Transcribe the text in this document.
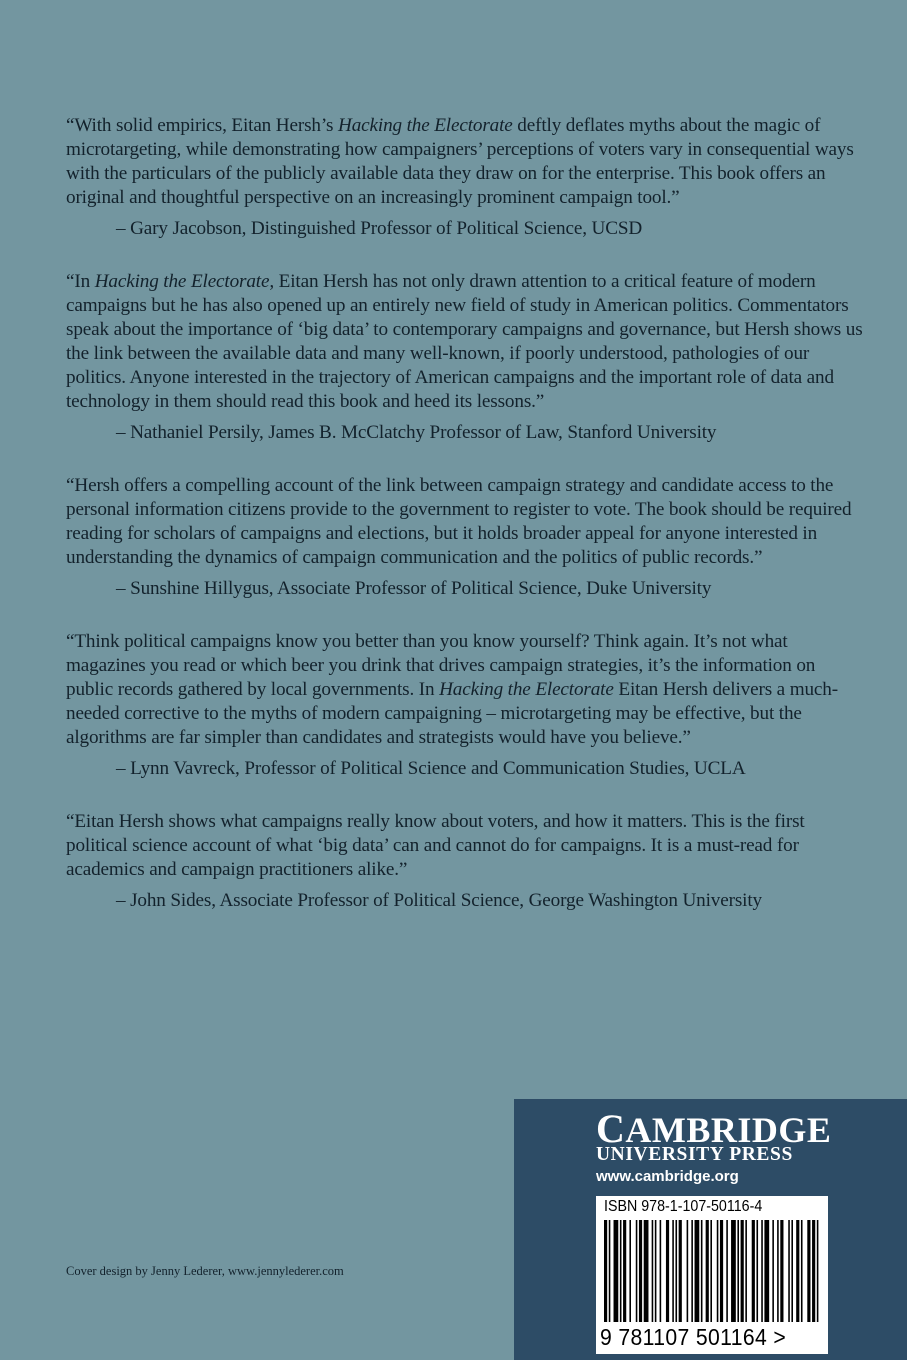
“With solid empirics, Eitan Hersh’s Hacking the Electorate deftly deflates myths about the magic of microtargeting, while demonstrating how campaigners’ perceptions of voters vary in consequential ways with the particulars of the publicly available data they draw on for the enterprise. This book offers an original and thoughtful perspective on an increasingly prominent campaign tool.”

– Gary Jacobson, Distinguished Professor of Political Science, UCSD

“In Hacking the Electorate, Eitan Hersh has not only drawn attention to a critical feature of modern campaigns but he has also opened up an entirely new field of study in American politics. Commentators speak about the importance of ‘big data’ to contemporary campaigns and governance, but Hersh shows us the link between the available data and many well-known, if poorly understood, pathologies of our politics. Anyone interested in the trajectory of American campaigns and the important role of data and technology in them should read this book and heed its lessons.”

– Nathaniel Persily, James B. McClatchy Professor of Law, Stanford University

“Hersh offers a compelling account of the link between campaign strategy and candidate access to the personal information citizens provide to the government to register to vote. The book should be required reading for scholars of campaigns and elections, but it holds broader appeal for anyone interested in understanding the dynamics of campaign communication and the politics of public records.”

– Sunshine Hillygus, Associate Professor of Political Science, Duke University

“Think political campaigns know you better than you know yourself? Think again. It’s not what magazines you read or which beer you drink that drives campaign strategies, it’s the information on public records gathered by local governments. In Hacking the Electorate Eitan Hersh delivers a much-needed corrective to the myths of modern campaigning – microtargeting may be effective, but the algorithms are far simpler than candidates and strategists would have you believe.”

– Lynn Vavreck, Professor of Political Science and Communication Studies, UCLA

“Eitan Hersh shows what campaigns really know about voters, and how it matters. This is the first political science account of what ‘big data’ can and cannot do for campaigns. It is a must-read for academics and campaign practitioners alike.”

– John Sides, Associate Professor of Political Science, George Washington University

Cover design by Jenny Lederer, www.jennylederer.com

CAMBRIDGE

UNIVERSITY PRESS

www.cambridge.org

ISBN 978-1-107-50116-4

9 781107 501164 >
